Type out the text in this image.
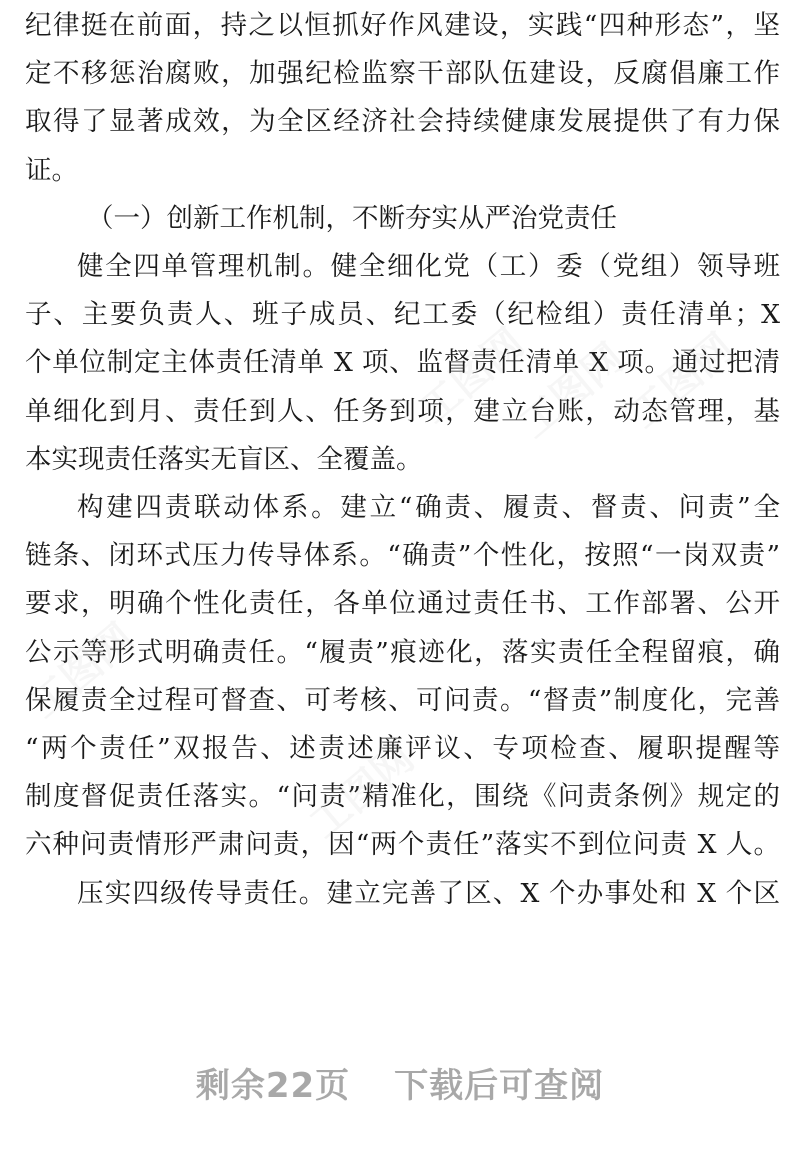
纪律挺在前面，持之以恒抓好作风建设，实践“四种形态”，坚
定不移惩治腐败，加强纪检监察干部队伍建设，反腐倡廉工作
取得了显著成效，为全区经济社会持续健康发展提供了有力保
证。
（一）创新工作机制，不断夯实从严治党责任
健全四单管理机制。健全细化党（工）委（党组）领导班
子、主要负责人、班子成员、纪工委（纪检组）责任清单；X
个单位制定主体责任清单 X 项、监督责任清单 X 项。通过把清
单细化到月、责任到人、任务到项，建立台账，动态管理，基
本实现责任落实无盲区、全覆盖。
构建四责联动体系。建立“确责、履责、督责、问责”全
链条、闭环式压力传导体系。“确责”个性化，按照“一岗双责”
要求，明确个性化责任，各单位通过责任书、工作部署、公开
公示等形式明确责任。“履责”痕迹化，落实责任全程留痕，确
保履责全过程可督查、可考核、可问责。“督责”制度化，完善
“两个责任”双报告、述责述廉评议、专项检查、履职提醒等
制度督促责任落实。“问责”精准化，围绕《问责条例》规定的
六种问责情形严肃问责，因“两个责任”落实不到位问责 X 人。
压实四级传导责任。建立完善了区、X 个办事处和 X 个区
工图网
工图网
工图网
工图网
工图网
剩余22页 下载后可查阅
